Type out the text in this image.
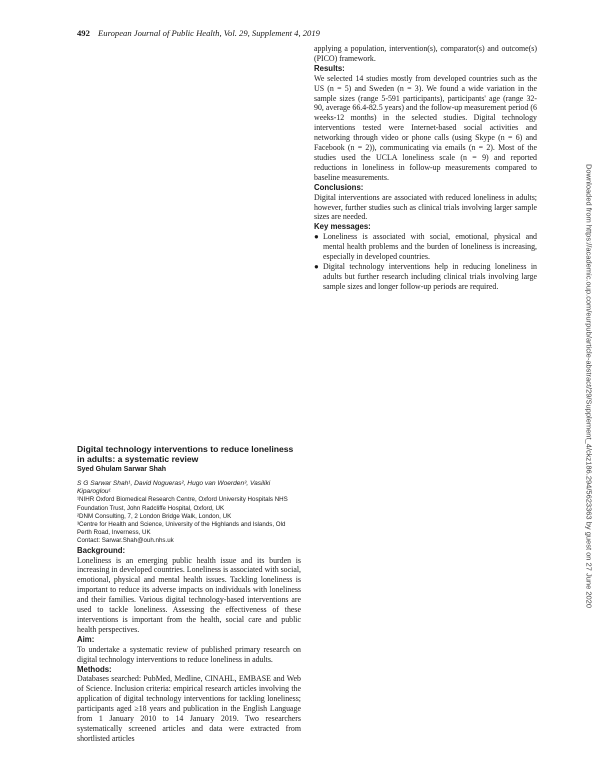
492 European Journal of Public Health, Vol. 29, Supplement 4, 2019

applying a population, intervention(s), comparator(s) and outcome(s) (PICO) framework.

Results:

We selected 14 studies mostly from developed countries such as the US (n = 5) and Sweden (n = 3). We found a wide variation in the sample sizes (range 5-591 participants), participants' age (range 32-90, average 66.4-82.5 years) and the follow-up measurement period (6 weeks-12 months) in the selected studies. Digital technology interventions tested were Internet-based social activities and networking through video or phone calls (using Skype (n = 6) and Facebook (n = 2)), communicating via emails (n = 2). Most of the studies used the UCLA loneliness scale (n = 9) and reported reductions in loneliness in follow-up measurements compared to baseline measurements.

Conclusions:

Digital interventions are associated with reduced loneliness in adults; however, further studies such as clinical trials involving larger sample sizes are needed.

Key messages:
● Loneliness is associated with social, emotional, physical and mental health problems and the burden of loneliness is increasing, especially in developed countries.
● Digital technology interventions help in reducing loneliness in adults but further research including clinical trials involving large sample sizes and longer follow-up periods are required.
Digital technology interventions to reduce loneliness in adults: a systematic review
Syed Ghulam Sarwar Shah
S G Sarwar Shah¹, David Nogueras², Hugo van Woerden³, Vasiliki Kiparoglou¹
¹NIHR Oxford Biomedical Research Centre, Oxford University Hospitals NHS Foundation Trust, John Radcliffe Hospital, Oxford, UK
²DNM Consulting, 7, 2 London Bridge Walk, London, UK
³Centre for Health and Science, University of the Highlands and Islands, Old Perth Road, Inverness, UK
Contact: Sarwar.Shah@ouh.nhs.uk
Background:

Loneliness is an emerging public health issue and its burden is increasing in developed countries. Loneliness is associated with social, emotional, physical and mental health issues. Tackling loneliness is important to reduce its adverse impacts on individuals with loneliness and their families. Various digital technology-based interventions are used to tackle loneliness. Assessing the effectiveness of these interventions is important from the health, social care and public health perspectives.

Aim:

To undertake a systematic review of published primary research on digital technology interventions to reduce loneliness in adults.

Methods:

Databases searched: PubMed, Medline, CINAHL, EMBASE and Web of Science. Inclusion criteria: empirical research articles involving the application of digital technology interventions for tackling loneliness; participants aged ≥18 years and publication in the English Language from 1 January 2010 to 14 January 2019. Two researchers systematically screened articles and data were extracted from shortlisted articles

Downloaded from https://academic.oup.com/eurpub/article-abstract/29/Supplement_4/ckz186.294/5623363 by guest on 27 June 2020
